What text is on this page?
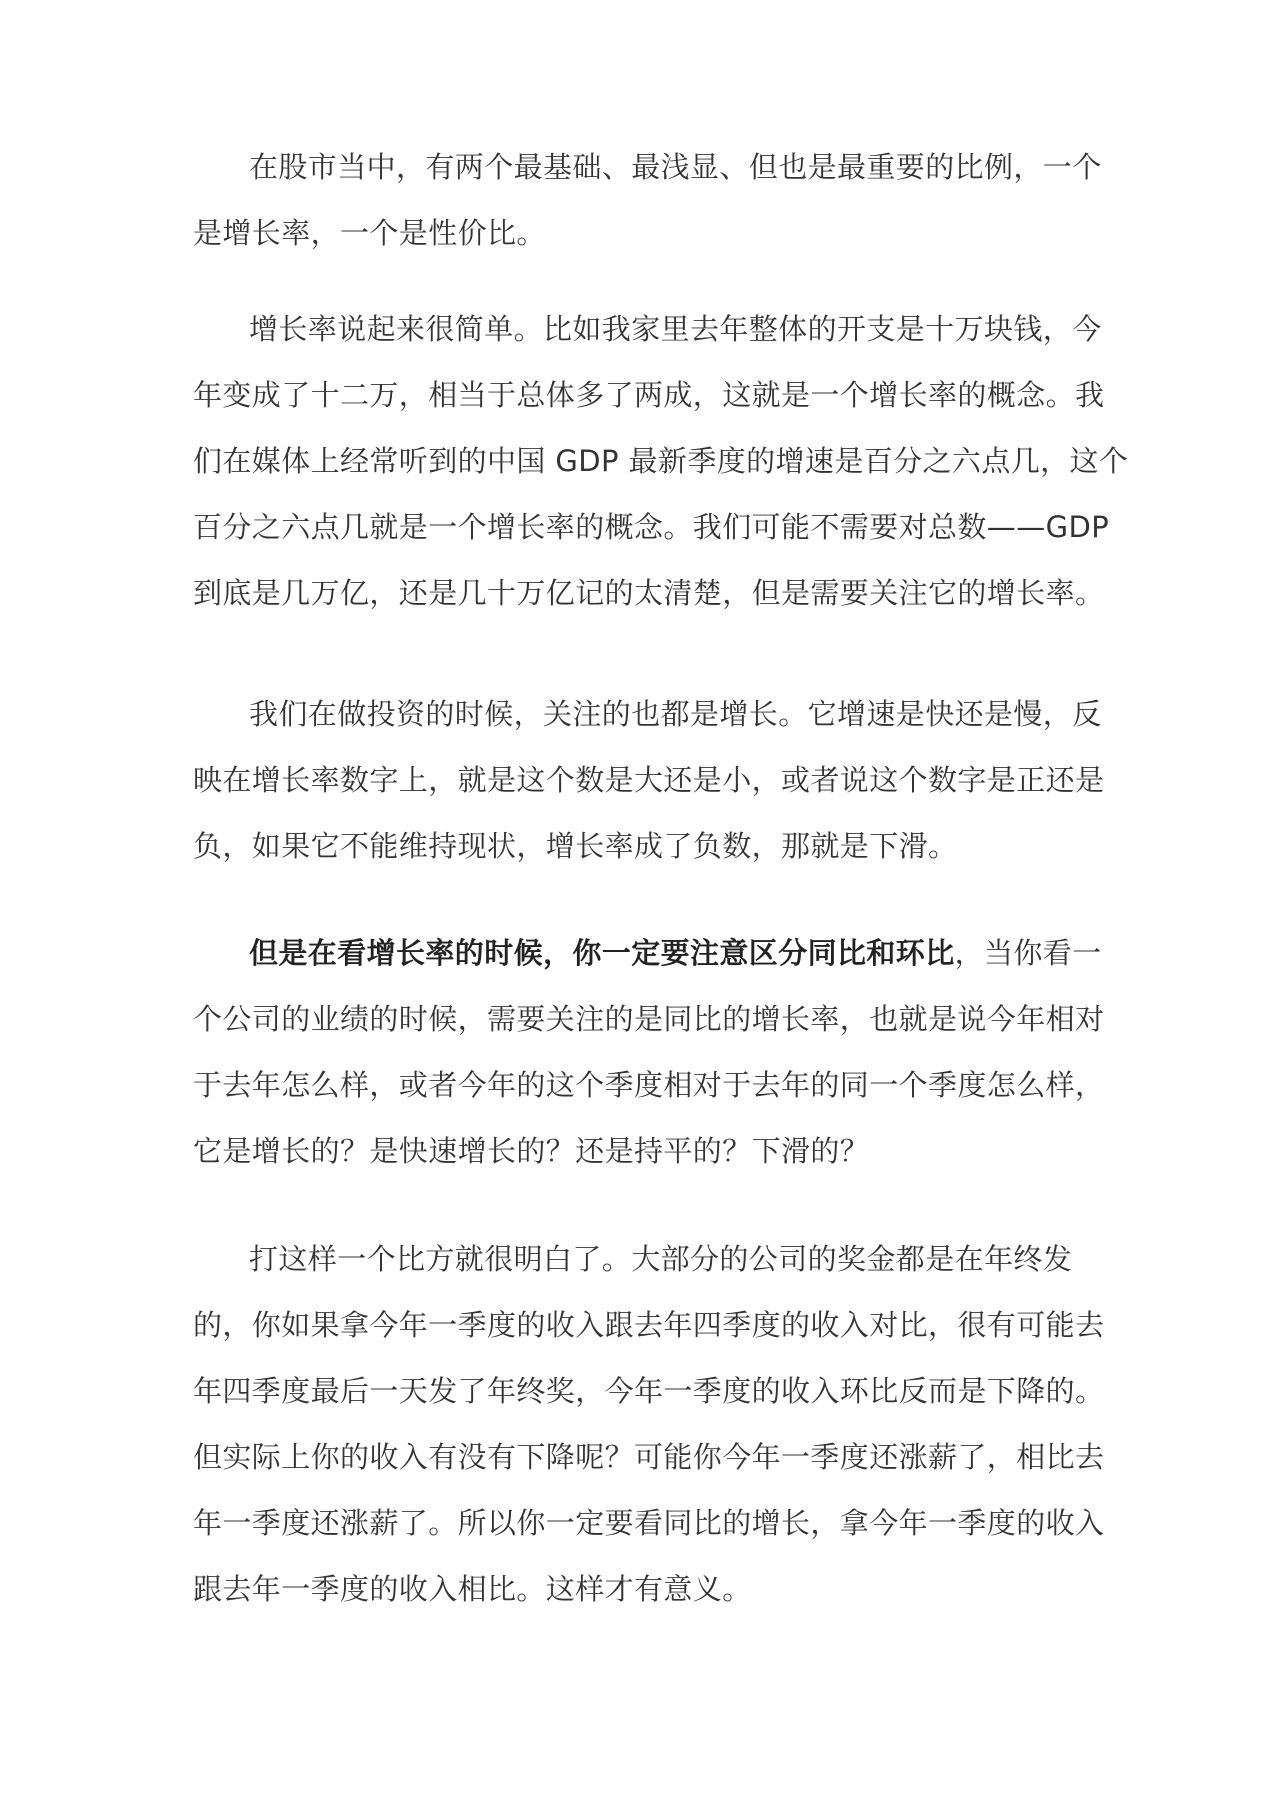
在股市当中，有两个最基础、最浅显、但也是最重要的比例，一个
是增长率，一个是性价比。
增长率说起来很简单。比如我家里去年整体的开支是十万块钱，今
年变成了十二万，相当于总体多了两成，这就是一个增长率的概念。我
们在媒体上经常听到的中国 GDP 最新季度的增速是百分之六点几，这个
百分之六点几就是一个增长率的概念。我们可能不需要对总数——GDP
到底是几万亿，还是几十万亿记的太清楚，但是需要关注它的增长率。
我们在做投资的时候，关注的也都是增长。它增速是快还是慢，反
映在增长率数字上，就是这个数是大还是小，或者说这个数字是正还是
负，如果它不能维持现状，增长率成了负数，那就是下滑。
但是在看增长率的时候，你一定要注意区分同比和环比，当你看一
个公司的业绩的时候，需要关注的是同比的增长率，也就是说今年相对
于去年怎么样，或者今年的这个季度相对于去年的同一个季度怎么样，
它是增长的？是快速增长的？还是持平的？下滑的？
打这样一个比方就很明白了。大部分的公司的奖金都是在年终发
的，你如果拿今年一季度的收入跟去年四季度的收入对比，很有可能去
年四季度最后一天发了年终奖，今年一季度的收入环比反而是下降的。
但实际上你的收入有没有下降呢？可能你今年一季度还涨薪了，相比去
年一季度还涨薪了。所以你一定要看同比的增长，拿今年一季度的收入
跟去年一季度的收入相比。这样才有意义。
